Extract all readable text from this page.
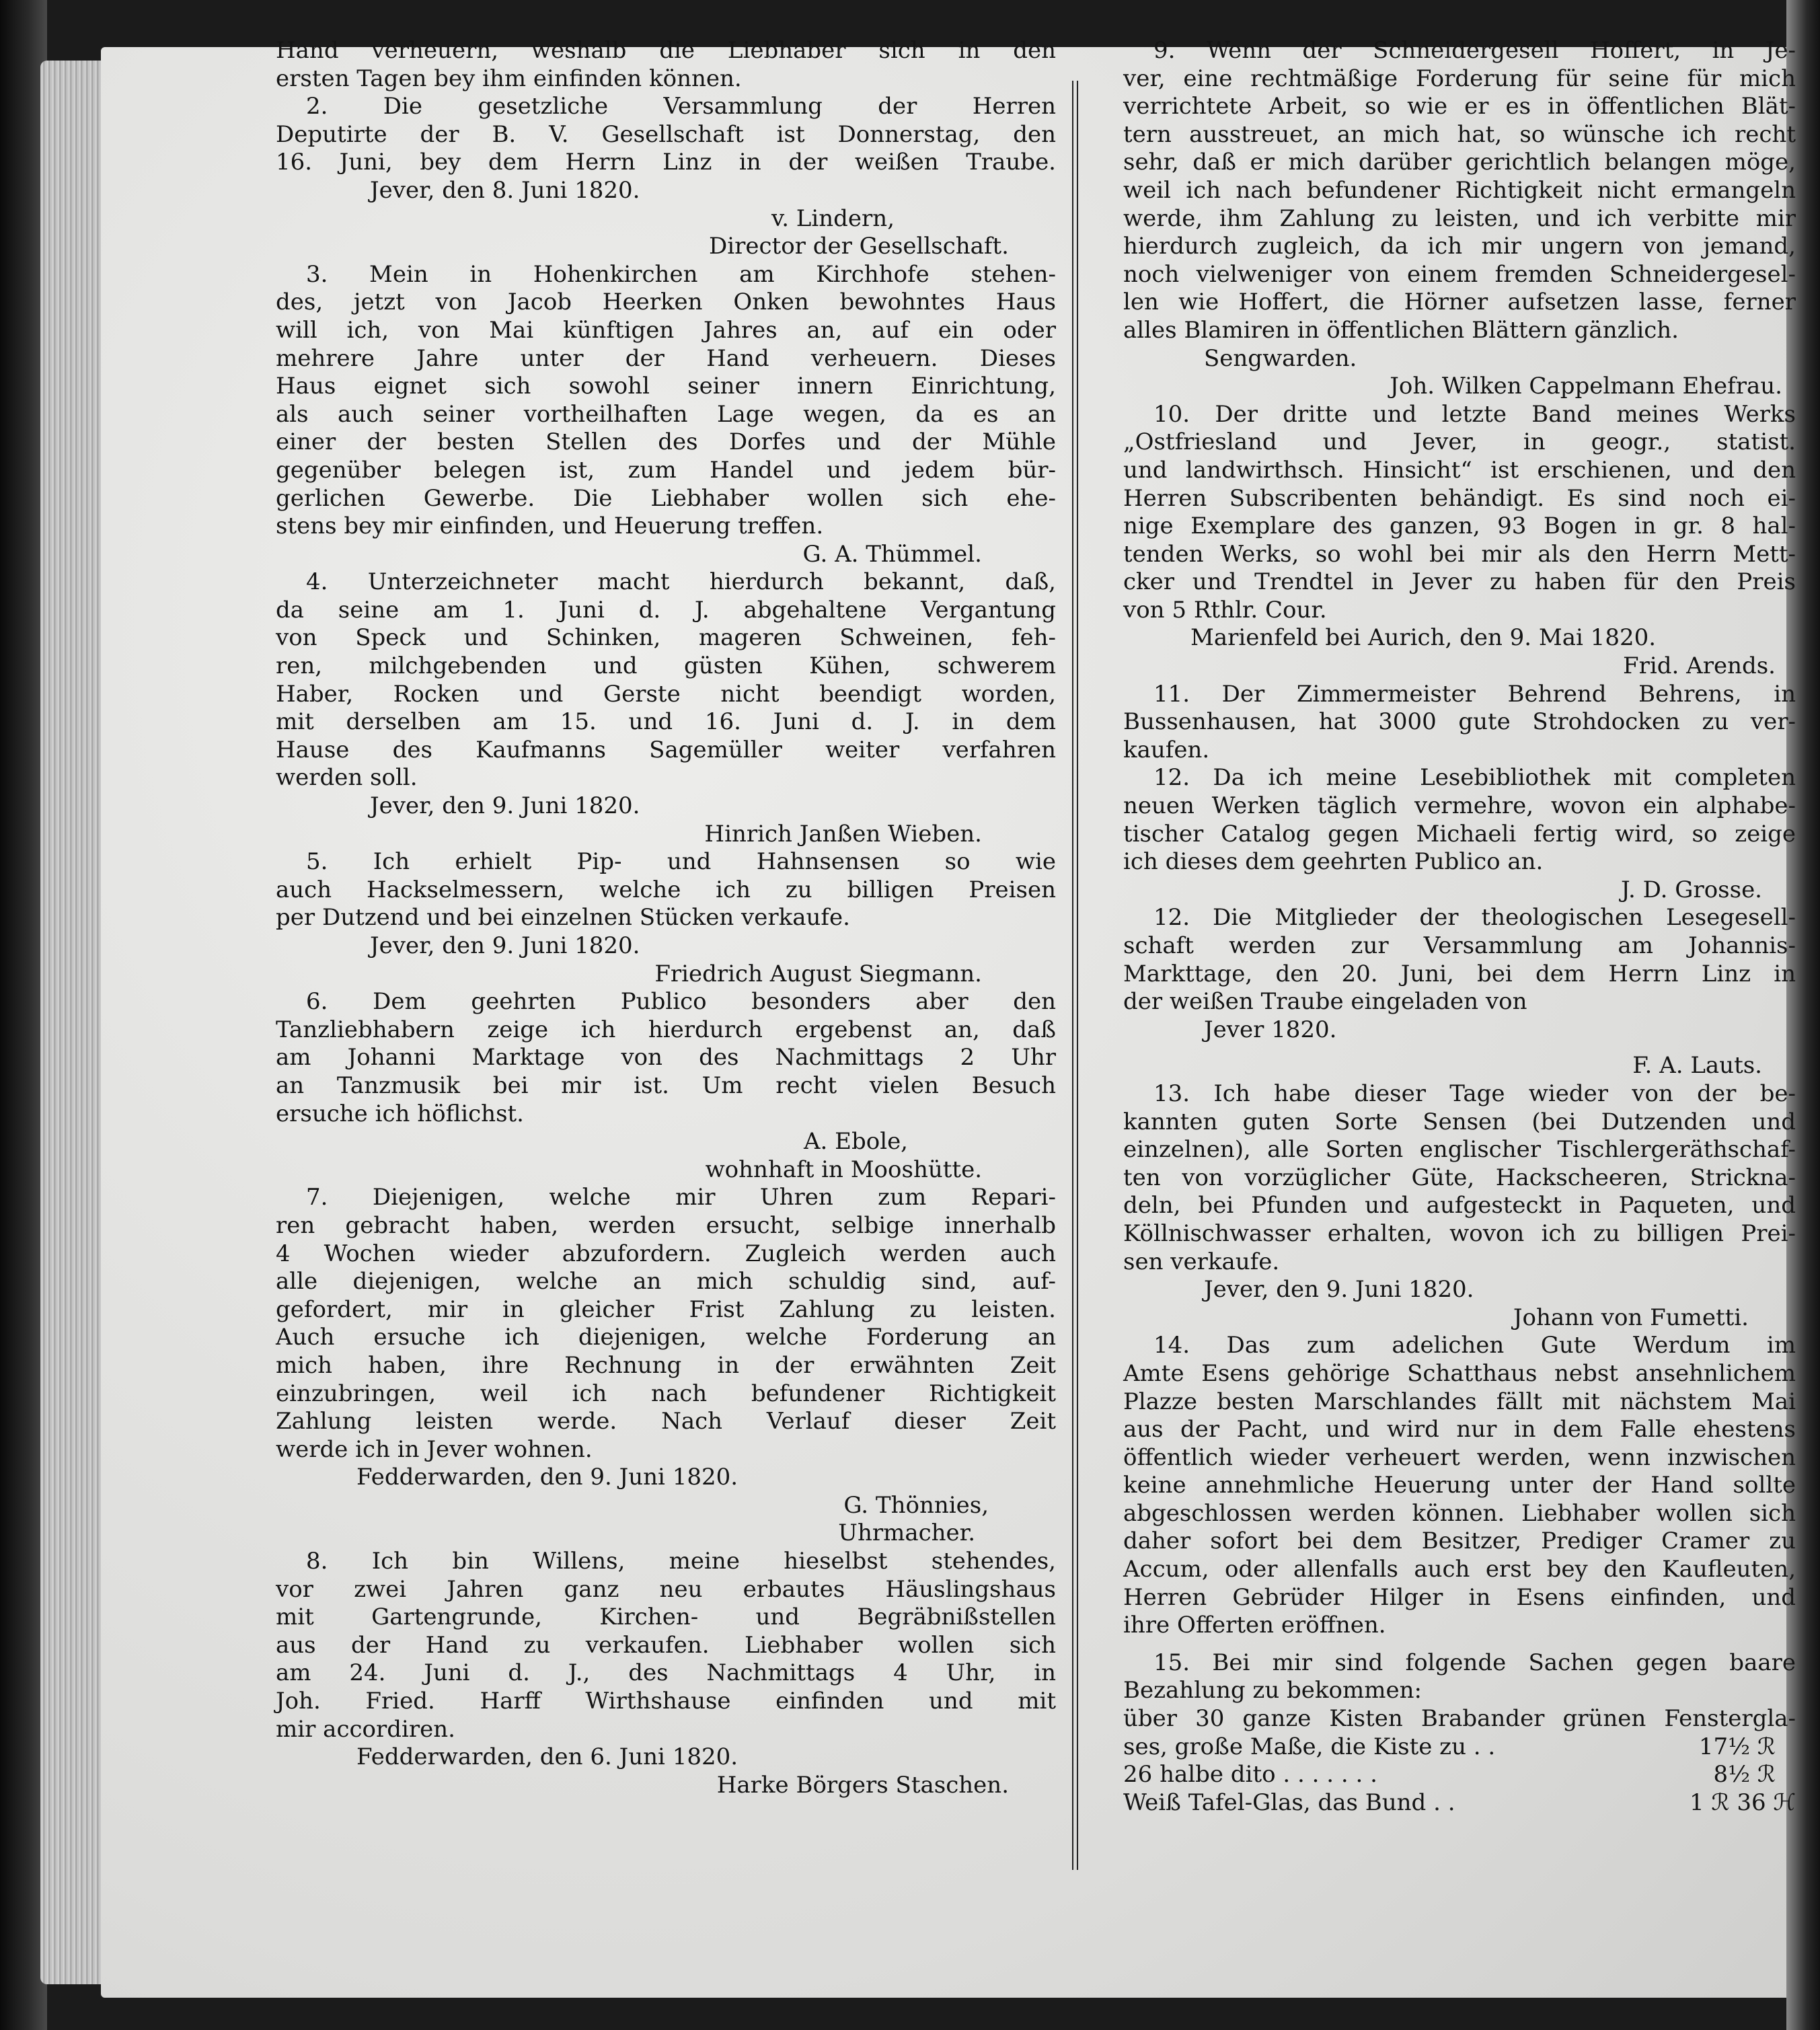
Hand verheuern, weshalb die Liebhaber sich in den

ersten Tagen bey ihm einfinden können.

2. Die gesetzliche Versammlung der Herren

Deputirte der B. V. Gesellschaft ist Donnerstag, den

16. Juni, bey dem Herrn Linz in der weißen Traube.

Jever, den 8. Juni 1820.

v. Lindern,

Director der Gesellschaft.

3. Mein in Hohenkirchen am Kirchhofe stehen-

des, jetzt von Jacob Heerken Onken bewohntes Haus

will ich, von Mai künftigen Jahres an, auf ein oder

mehrere Jahre unter der Hand verheuern. Dieses

Haus eignet sich sowohl seiner innern Einrichtung,

als auch seiner vortheilhaften Lage wegen, da es an

einer der besten Stellen des Dorfes und der Mühle

gegenüber belegen ist, zum Handel und jedem bür-

gerlichen Gewerbe. Die Liebhaber wollen sich ehe-

stens bey mir einfinden, und Heuerung treffen.

G. A. Thümmel.

4. Unterzeichneter macht hierdurch bekannt, daß,

da seine am 1. Juni d. J. abgehaltene Vergantung

von Speck und Schinken, mageren Schweinen, feh-

ren, milchgebenden und güsten Kühen, schwerem

Haber, Rocken und Gerste nicht beendigt worden,

mit derselben am 15. und 16. Juni d. J. in dem

Hause des Kaufmanns Sagemüller weiter verfahren

werden soll.

Jever, den 9. Juni 1820.

Hinrich Janßen Wieben.

5. Ich erhielt Pip- und Hahnsensen so wie

auch Hackselmessern, welche ich zu billigen Preisen

per Dutzend und bei einzelnen Stücken verkaufe.

Jever, den 9. Juni 1820.

Friedrich August Siegmann.

6. Dem geehrten Publico besonders aber den

Tanzliebhabern zeige ich hierdurch ergebenst an, daß

am Johanni Marktage von des Nachmittags 2 Uhr

an Tanzmusik bei mir ist. Um recht vielen Besuch

ersuche ich höflichst.

A. Ebole,

wohnhaft in Mooshütte.

7. Diejenigen, welche mir Uhren zum Repari-

ren gebracht haben, werden ersucht, selbige innerhalb

4 Wochen wieder abzufordern. Zugleich werden auch

alle diejenigen, welche an mich schuldig sind, auf-

gefordert, mir in gleicher Frist Zahlung zu leisten.

Auch ersuche ich diejenigen, welche Forderung an

mich haben, ihre Rechnung in der erwähnten Zeit

einzubringen, weil ich nach befundener Richtigkeit

Zahlung leisten werde. Nach Verlauf dieser Zeit

werde ich in Jever wohnen.

Fedderwarden, den 9. Juni 1820.

G. Thönnies,

Uhrmacher.

8. Ich bin Willens, meine hieselbst stehendes,

vor zwei Jahren ganz neu erbautes Häuslingshaus

mit Gartengrunde, Kirchen- und Begräbnißstellen

aus der Hand zu verkaufen. Liebhaber wollen sich

am 24. Juni d. J., des Nachmittags 4 Uhr, in

Joh. Fried. Harff Wirthshause einfinden und mit

mir accordiren.

Fedderwarden, den 6. Juni 1820.

Harke Börgers Staschen.

9. Wenn der Schneidergesell Hoffert, in Je-

ver, eine rechtmäßige Forderung für seine für mich

verrichtete Arbeit, so wie er es in öffentlichen Blät-

tern ausstreuet, an mich hat, so wünsche ich recht

sehr, daß er mich darüber gerichtlich belangen möge,

weil ich nach befundener Richtigkeit nicht ermangeln

werde, ihm Zahlung zu leisten, und ich verbitte mir

hierdurch zugleich, da ich mir ungern von jemand,

noch vielweniger von einem fremden Schneidergesel-

len wie Hoffert, die Hörner aufsetzen lasse, ferner

alles Blamiren in öffentlichen Blättern gänzlich.

Sengwarden.

Joh. Wilken Cappelmann Ehefrau.

10. Der dritte und letzte Band meines Werks

„Ostfriesland und Jever, in geogr., statist.

und landwirthsch. Hinsicht“ ist erschienen, und den

Herren Subscribenten behändigt. Es sind noch ei-

nige Exemplare des ganzen, 93 Bogen in gr. 8 hal-

tenden Werks, so wohl bei mir als den Herrn Mett-

cker und Trendtel in Jever zu haben für den Preis

von 5 Rthlr. Cour.

Marienfeld bei Aurich, den 9. Mai 1820.

Frid. Arends.

11. Der Zimmermeister Behrend Behrens, in

Bussenhausen, hat 3000 gute Strohdocken zu ver-

kaufen.

12. Da ich meine Lesebibliothek mit completen

neuen Werken täglich vermehre, wovon ein alphabe-

tischer Catalog gegen Michaeli fertig wird, so zeige

ich dieses dem geehrten Publico an.

J. D. Grosse.

12. Die Mitglieder der theologischen Lesegesell-

schaft werden zur Versammlung am Johannis-

Markttage, den 20. Juni, bei dem Herrn Linz in

der weißen Traube eingeladen von

Jever 1820.

F. A. Lauts.

13. Ich habe dieser Tage wieder von der be-

kannten guten Sorte Sensen (bei Dutzenden und

einzelnen), alle Sorten englischer Tischlergeräthschaf-

ten von vorzüglicher Güte, Hackscheeren, Stricknа-

deln, bei Pfunden und aufgesteckt in Paqueten, und

Köllnischwasser erhalten, wovon ich zu billigen Prei-

sen verkaufe.

Jever, den 9. Juni 1820.

Johann von Fumetti.

14. Das zum adelichen Gute Werdum im

Amte Esens gehörige Schatthaus nebst ansehnlichem

Plazze besten Marschlandes fällt mit nächstem Mai

aus der Pacht, und wird nur in dem Falle ehestens

öffentlich wieder verheuert werden, wenn inzwischen

keine annehmliche Heuerung unter der Hand sollte

abgeschlossen werden können. Liebhaber wollen sich

daher sofort bei dem Besitzer, Prediger Cramer zu

Accum, oder allenfalls auch erst bey den Kaufleuten,

Herren Gebrüder Hilger in Esens einfinden, und

ihre Offerten eröffnen.

15. Bei mir sind folgende Sachen gegen baare

Bezahlung zu bekommen:

über 30 ganze Kisten Brabander grünen Fensterglа-

ses, große Maße, die Kiste zu . .	17½ ℛ
26 halbe dito . . . . . . .	8½ ℛ
Weiß Tafel-Glas, das Bund . .	1 ℛ 36 ℋ
